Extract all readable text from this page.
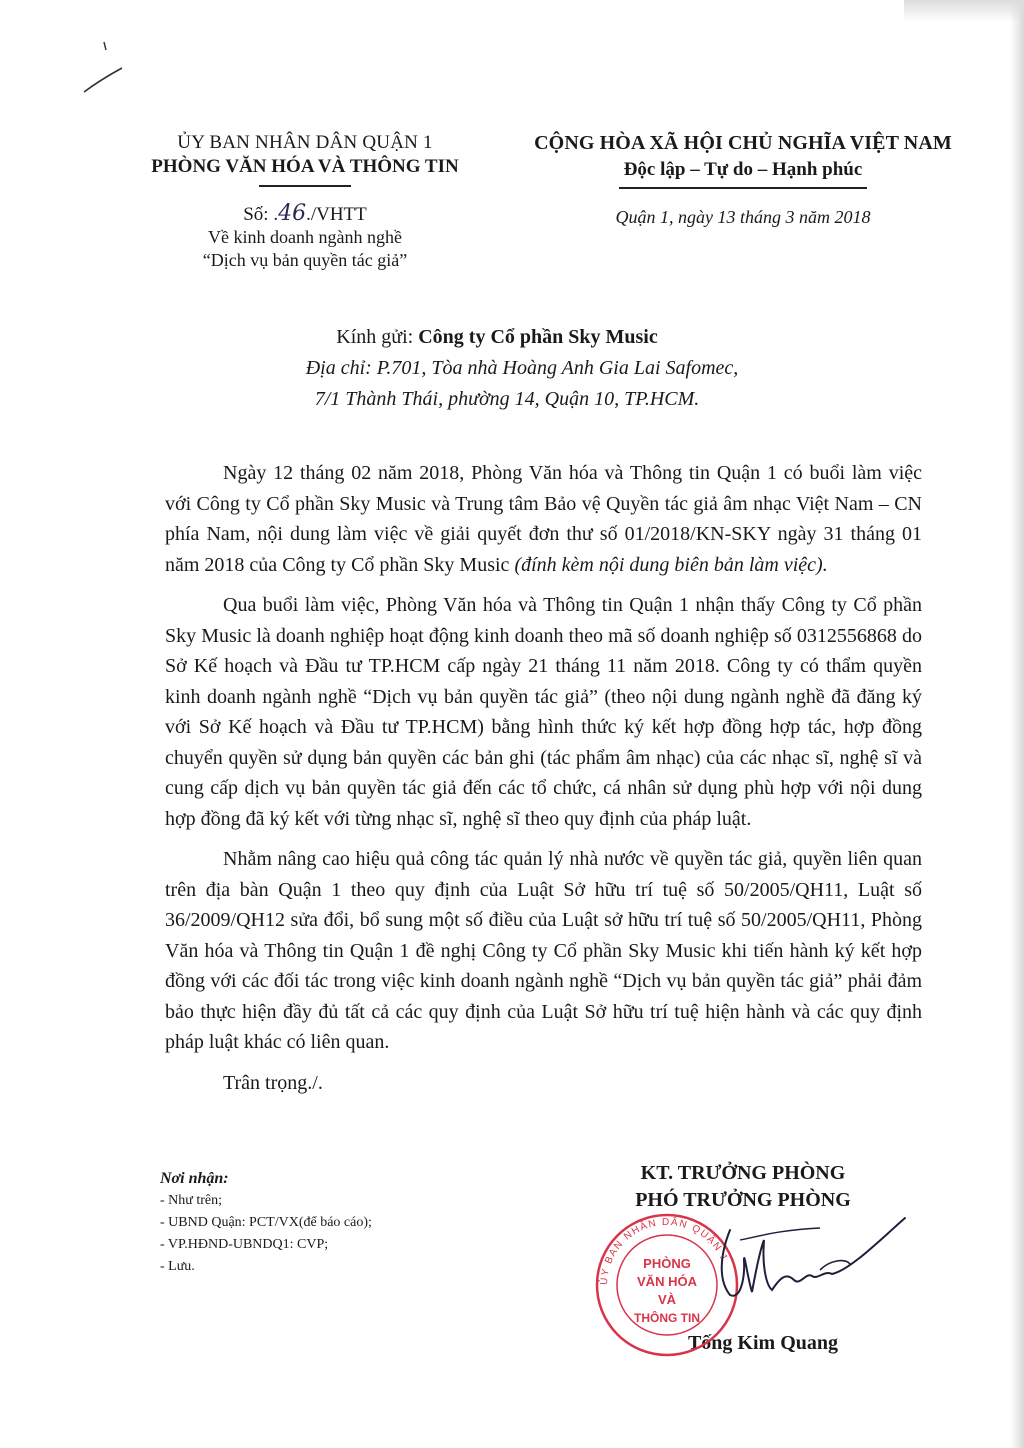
ỦY BAN NHÂN DÂN QUẬN 1
PHÒNG VĂN HÓA VÀ THÔNG TIN
Số: .46./VHTT
Về kinh doanh ngành nghề
“Dịch vụ bản quyền tác giả”
CỘNG HÒA XÃ HỘI CHỦ NGHĨA VIỆT NAM
Độc lập – Tự do – Hạnh phúc
Quận 1, ngày 13 tháng 3 năm 2018
Kính gửi: Công ty Cổ phần Sky Music
Địa chỉ: P.701, Tòa nhà Hoàng Anh Gia Lai Safomec,
7/1 Thành Thái, phường 14, Quận 10, TP.HCM.

Ngày 12 tháng 02 năm 2018, Phòng Văn hóa và Thông tin Quận 1 có buổi làm việc với Công ty Cổ phần Sky Music và Trung tâm Bảo vệ Quyền tác giả âm nhạc Việt Nam – CN phía Nam, nội dung làm việc về giải quyết đơn thư số 01/2018/KN-SKY ngày 31 tháng 01 năm 2018 của Công ty Cổ phần Sky Music (đính kèm nội dung biên bản làm việc).

Qua buổi làm việc, Phòng Văn hóa và Thông tin Quận 1 nhận thấy Công ty Cổ phần Sky Music là doanh nghiệp hoạt động kinh doanh theo mã số doanh nghiệp số 0312556868 do Sở Kế hoạch và Đầu tư TP.HCM cấp ngày 21 tháng 11 năm 2018. Công ty có thẩm quyền kinh doanh ngành nghề “Dịch vụ bản quyền tác giả” (theo nội dung ngành nghề đã đăng ký với Sở Kế hoạch và Đầu tư TP.HCM) bằng hình thức ký kết hợp đồng hợp tác, hợp đồng chuyển quyền sử dụng bản quyền các bản ghi (tác phẩm âm nhạc) của các nhạc sĩ, nghệ sĩ và cung cấp dịch vụ bản quyền tác giả đến các tổ chức, cá nhân sử dụng phù hợp với nội dung hợp đồng đã ký kết với từng nhạc sĩ, nghệ sĩ theo quy định của pháp luật.

Nhằm nâng cao hiệu quả công tác quản lý nhà nước về quyền tác giả, quyền liên quan trên địa bàn Quận 1 theo quy định của Luật Sở hữu trí tuệ số 50/2005/QH11, Luật số 36/2009/QH12 sửa đổi, bổ sung một số điều của Luật sở hữu trí tuệ số 50/2005/QH11, Phòng Văn hóa và Thông tin Quận 1 đề nghị Công ty Cổ phần Sky Music khi tiến hành ký kết hợp đồng với các đối tác trong việc kinh doanh ngành nghề “Dịch vụ bản quyền tác giả” phải đảm bảo thực hiện đầy đủ tất cả các quy định của Luật Sở hữu trí tuệ hiện hành và các quy định pháp luật khác có liên quan.

Trân trọng./.

Nơi nhận:
- Như trên;
- UBND Quận: PCT/VX(để báo cáo);
- VP.HĐND-UBNDQ1: CVP;
- Lưu.
KT. TRƯỞNG PHÒNG
PHÓ TRƯỞNG PHÒNG
Tống Kim Quang
ỦY BAN NHÂN DÂN QUẬN 1
PHÒNG
VĂN HÓA
VÀ
THÔNG TIN
